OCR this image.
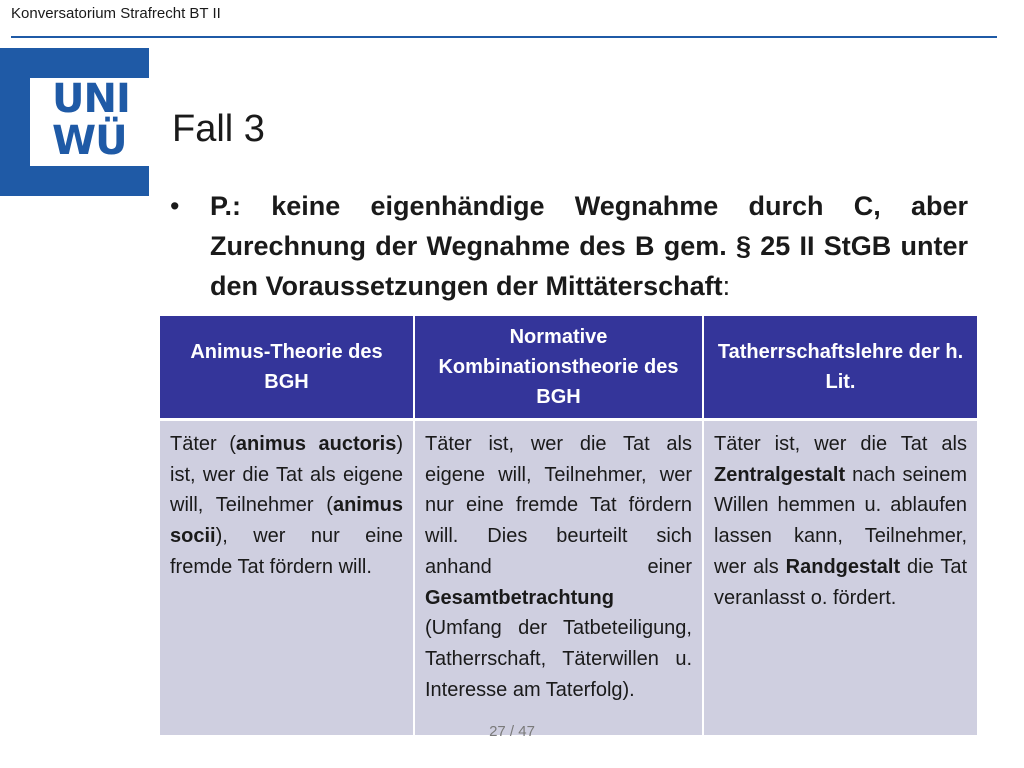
Konversatorium Strafrecht BT II
UNI
WÜ	Fall 3
•	P.: keine eigenhändige Wegnahme durch C, aber Zurechnung der Wegnahme des B gem. § 25 II StGB unter den Voraussetzungen der Mittäterschaft:
Animus-Theorie des BGH	Normative Kombinationstheorie des BGH	Tatherrschaftslehre der h. Lit.
Täter (animus auctoris) ist, wer die Tat als eigene will, Teilnehmer (animus socii), wer nur eine fremde Tat fördern will.	Täter ist, wer die Tat als eigene will, Teilnehmer, wer nur eine fremde Tat fördern will. Dies beurteilt sich anhand einer Gesamtbetrachtung (Umfang der Tatbeteiligung, Tatherrschaft, Täterwillen u. Interesse am Taterfolg).	Täter ist, wer die Tat als Zentralgestalt nach seinem Willen hemmen u. ablaufen lassen kann, Teilnehmer, wer als Randgestalt die Tat veranlasst o. fördert.
27 / 47
